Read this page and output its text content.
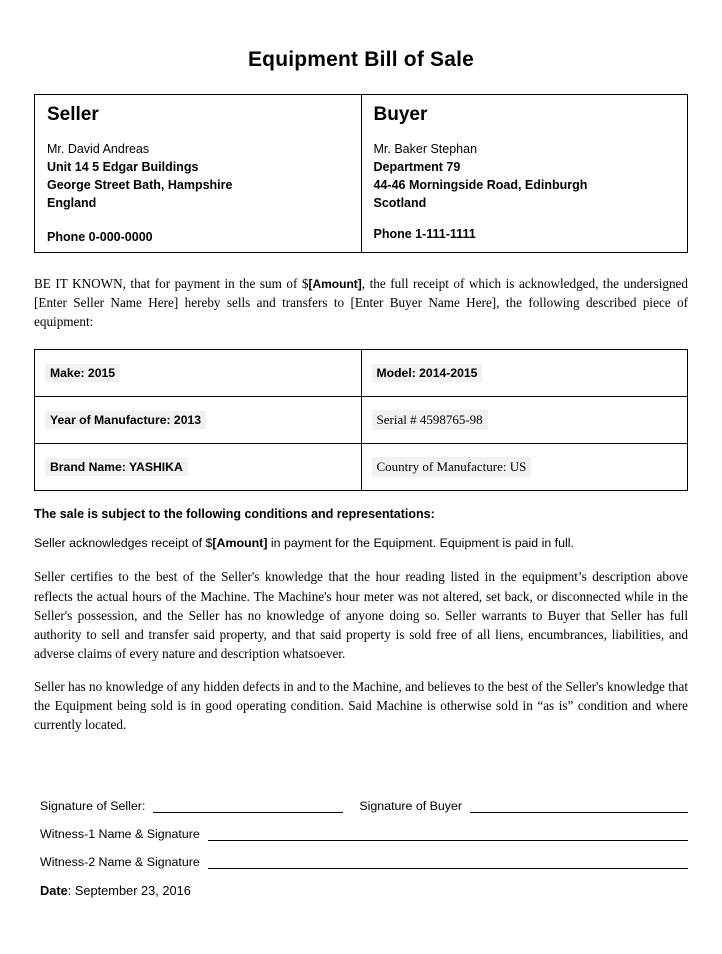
Equipment Bill of Sale
Seller
Mr. David Andreas
Unit 14 5 Edgar Buildings
George Street Bath, Hampshire
England
Phone 0-000-0000

Buyer
Mr. Baker Stephan
Department 79
44-46 Morningside Road, Edinburgh
Scotland
Phone 1-111-1111

BE IT KNOWN, that for payment in the sum of $[Amount], the full receipt of which is acknowledged, the undersigned [Enter Seller Name Here] hereby sells and transfers to [Enter Buyer Name Here], the following described piece of equipment:

Make: 2015	Model: 2014-2015
Year of Manufacture: 2013	Serial # 4598765-98
Brand Name: YASHIKA	Country of Manufacture: US
The sale is subject to the following conditions and representations:

Seller acknowledges receipt of $[Amount] in payment for the Equipment. Equipment is paid in full.

Seller certifies to the best of the Seller's knowledge that the hour reading listed in the equipment’s description above reflects the actual hours of the Machine. The Machine's hour meter was not altered, set back, or disconnected while in the Seller's possession, and the Seller has no knowledge of anyone doing so. Seller warrants to Buyer that Seller has full authority to sell and transfer said property, and that said property is sold free of all liens, encumbrances, liabilities, and adverse claims of every nature and description whatsoever.

Seller has no knowledge of any hidden defects in and to the Machine, and believes to the best of the Seller's knowledge that the Equipment being sold is in good operating condition. Said Machine is otherwise sold in “as is” condition and where currently located.

Signature of Seller:	Signature of Buyer
Witness-1 Name & Signature
Witness-2 Name & Signature
Date: September 23, 2016
